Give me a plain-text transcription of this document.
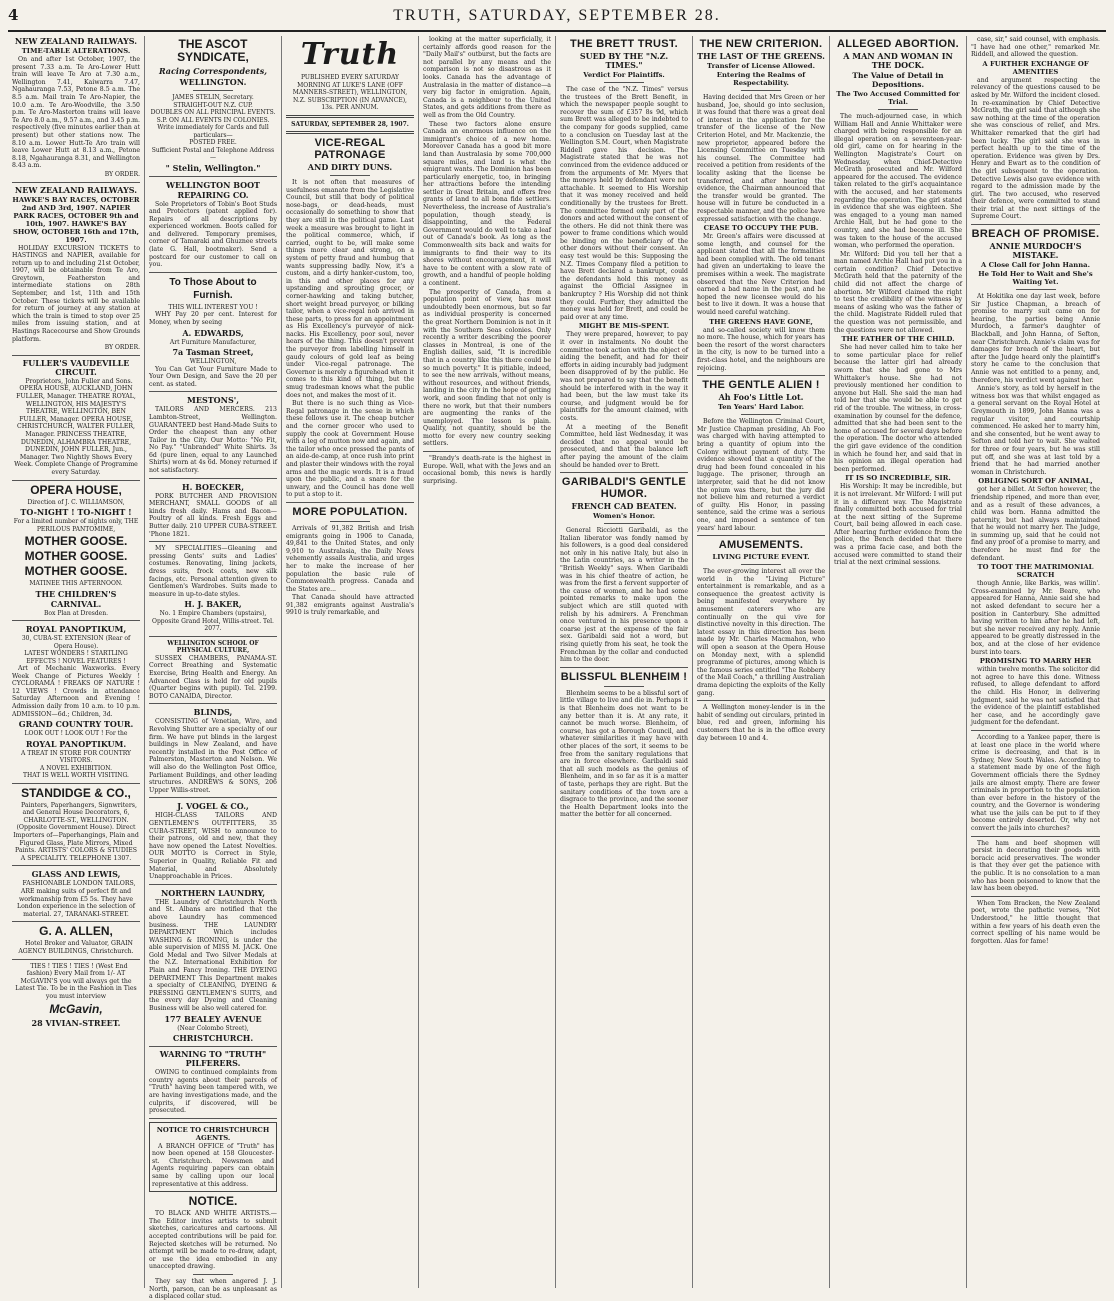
4	TRUTH, SATURDAY, SEPTEMBER 28.
NEW ZEALAND RAILWAYS.
TIME-TABLE ALTERATIONS.

On and after 1st October, 1907, the present 7.33 a.m. Te Aro-Lower Hutt train will leave Te Aro at 7.30 a.m., Wellington 7.41, Kaiwarra 7.47, Ngahauranga 7.53, Petone 8.5 a.m. The 8.5 a.m. Mail train Te Aro-Napier, the 10.0 a.m. Te Aro-Woodville, the 3.50 p.m. Te Aro-Masterton trains will leave Te Aro 8.0 a.m., 9.57 a.m., and 3.45 p.m. respectively (five minutes earlier than at present) but other stations now. The 8.10 a.m. Lower Hutt-Te Aro train will leave Lower Hutt at 8.13 a.m., Petone 8.18, Ngahauranga 8.31, and Wellington 8.43 a.m.

BY ORDER.
NEW ZEALAND RAILWAYS.
HAWKE'S BAY RACES, OCTOBER 2nd AND 3rd, 1907. NAPIER PARK RACES, OCTOBER 9th and 10th, 1907. HAWKE'S BAY SHOW, OCTOBER 16th and 17th, 1907.

HOLIDAY EXCURSION TICKETS to HASTINGS and NAPIER, available for return up to and including 21st October, 1907, will be obtainable from Te Aro, Greytown, Featherston and intermediate stations on 28th September, and 1st, 11th and 15th October. These tickets will be available for return of journey at any station at which the train is timed to stop over 25 miles from issuing station, and at Hastings Racecourse and Show Grounds platform.

BY ORDER.
FULLER'S VAUDEVILLE CIRCUIT.

Proprietors, John Fuller and Sons. OPERA HOUSE, AUCKLAND, JOHN FULLER, Manager. THEATRE ROYAL, WELLINGTON, HIS MAJESTY'S THEATRE, WELLINGTON, BEN FULLER, Manager. OPERA HOUSE, CHRISTCHURCH, WALTER FULLER, Manager. PRINCESS THEATRE, DUNEDIN, ALHAMBRA THEATRE, DUNEDIN, JOHN FULLER, Jun., Manager. Two Nightly Shows Every Week. Complete Change of Programme every Saturday.

OPERA HOUSE,
Direction of J. C. WILLIAMSON,
TO-NIGHT ! TO-NIGHT !
For a limited number of nights only, THE PERILOUS PANTOMIME,
MOTHER GOOSE.
MOTHER GOOSE.
MOTHER GOOSE.
MATINEE THIS AFTERNOON.
THE CHILDREN'S CARNIVAL.
Box Plan at Dresden.
ROYAL PANOPTIKUM,
30, CUBA-ST. EXTENSION (Rear of Opera House).
LATEST WONDERS ! STARTLING EFFECTS ! NOVEL FEATURES !

Art of Mechanic Waxworks. Every Week Change of Pictures Weekly ! CYCLORAMA ! FREAKS OF NATURE ! 12 VIEWS ! Crowds in attendance Saturday Afternoon and Evening ! Admission daily from 10 a.m. to 10 p.m. ADMISSION—6d.; Children, 3d.

GRAND COUNTRY TOUR.
LOOK OUT ! LOOK OUT ! For the
ROYAL PANOPTIKUM.
A TREAT IN STORE FOR COUNTRY VISITORS.
A NOVEL EXHIBITION.
THAT IS WELL WORTH VISITING.
STANDIDGE & CO.,

Painters, Paperhangers, Signwriters, and General House Decorators, 6, CHARLOTTE-ST., WELLINGTON. (Opposite Government House). Direct Importers of—Paperhangings, Plain and Figured Glass, Plate Mirrors, Mixed Paints. ARTISTS' COLORS & STUDIES A SPECIALITY. TELEPHONE 1307.

GLASS AND LEWIS,

FASHIONABLE LONDON TAILORS, ARE making suits of perfect fit and workmanship from £5 5s. They have London experience in the selection of material. 27, TARANAKI-STREET.

G. A. ALLEN,

Hotel Broker and Valuator, GRAIN AGENCY BUILDINGS, Christchurch.

TIES ! TIES ! TIES ! (West End fashion) Every Mail from 1/- AT McGAVIN'S you will always get the Latest Tie. To be in the Fashion in Ties you must interview

McGavin,
28 VIVIAN-STREET.
THE ASCOT SYNDICATE,
Racing Correspondents,
WELLINGTON.
JAMES STELIN, Secretary.
STRAIGHT-OUT N.Z. CUP.
DOUBLES ON ALL PRINCIPAL EVENTS.
S.P. ON ALL EVENTS IN COLONIES.
Write immediately for Cards and full particulars—
POSTED FREE.
Sufficient Postal and Telephone Address—
" Stelin, Wellington."
WELLINGTON BOOT REPAIRING CO.

Sole Proprietors of Tobin's Boot Studs and Protectors (patent applied for). Repairs of all descriptions by experienced workmen. Boots called for and delivered. Temporary premises, corner of Tamaraki and Ghuznee streets (late G. Hall, bootmaker). Send a postcard for our customer to call on you.

To Those About to Furnish.
THIS WILL INTEREST YOU !

WHY Pay 20 per cent. Interest for Money, when by seeing

A. EDWARDS,
Art Furniture Manufacturer,
7a Tasman Street,
WELLINGTON,

You Can Get Your Furniture Made to Your Own Design, and Save the 20 per cent. as stated.

MESTONS',

TAILORS AND MERCERS. 213 Lambton-Street, Wellington. GUARANTEED best Hand-Made Suits to Order the cheapest than any other Tailor in the City. Our Motto: "No Fit, No Pay." "Unbranded" White Shirts. 3s 6d (pure linen, equal to any Launched Shirts) worn at 4s 6d. Money returned if not satisfactory.

H. BOECKER,

PORK BUTCHER AND PROVISION MERCHANT, SMALL GOODS of all kinds fresh daily. Hams and Bacon—Poultry of all kinds. Fresh Eggs and Butter daily. 210 UPPER CUBA-STREET. 'Phone 1821.

MY SPECIALITIES—Gleaning and pressing Gents' suits and Ladies' costumes. Renovating, lining jackets, dress suits, frock coats, new silk facings, etc. Personal attention given to Gentlemen's Wardrobes. Suits made to measure in up-to-date styles.

H. J. BAKER,
No. 1 Empire Chambers (upstairs), Opposite Grand Hotel, Willis-street. Tel. 2077.
WELLINGTON SCHOOL OF PHYSICAL CULTURE,

SUSSEX CHAMBERS, PANAMA-ST. Correct Breathing and Systematic Exercise, Bring Health and Energy. An Advanced Class is held for old pupils (Quarter begins with pupil). Tel. 2199. BOTO CANAIDA, Director.

BLINDS,

CONSISTING of Venetian, Wire, and Revolving Shutter are a specialty of our firm. We have put blinds in the largest buildings in New Zealand, and have recently installed in the Post Office of Palmerston, Masterton and Nelson. We will also do the Wellington Post Office, Parliament Buildings, and other leading structures. ANDREWS & SONS, 206 Upper Willis-street.

J. VOGEL & CO.,

HIGH-CLASS TAILORS AND GENTLEMEN'S OUTFITTERS, 35 CUBA-STREET, WISH to announce to their patrons, old and new, that they have now opened the Latest Novelties. OUR MOTTO is Correct in Style, Superior in Quality, Reliable Fit and Material, and Absolutely Unapproachable in Prices.

NORTHERN LAUNDRY,

THE Laundry of Christchurch North and St. Albans are notified that the above Laundry has commenced business. THE LAUNDRY DEPARTMENT Which includes WASHING & IRONING, is under the able supervision of MISS M. JACK. One Gold Medal and Two Silver Medals at the N.Z. International Exhibition for Plain and Fancy Ironing. THE DYEING DEPARTMENT This Department makes a specialty of CLEANING, DYEING & PRESSING GENTLEMEN'S SUITS, and the every day Dyeing and Cleaning Business will be also well catered for.

177 BEALEY AVENUE
(Near Colombo Street),
CHRISTCHURCH.
WARNING TO "TRUTH" PILFERERS.

OWING to continued complaints from country agents about their parcels of "Truth" having been tampered with, we are having investigations made, and the culprits, if discovered, will be prosecuted.

NOTICE TO CHRISTCHURCH AGENTS.

A BRANCH OFFICE of "Truth" has now been opened at 158 Gloucester-st. Christchurch. Newsmen and Agents requiring papers can obtain same by calling upon our local representative at this address.

NOTICE.

TO BLACK AND WHITE ARTISTS.—The Editor invites artists to submit sketches, caricatures and cartoons. All accepted contributions will be paid for. Rejected sketches will be returned. No attempt will be made to re-draw, adapt, or use the idea embodied in any unaccepted drawing.

They say that when angered J. J. North, parson, can be as unpleasant as a displaced collar stud.

Truth
PUBLISHED EVERY SATURDAY MORNING AT LUKE'S LANE (OFF MANNERS-STREET), WELLINGTON, N.Z. SUBSCRIPTION (IN ADVANCE), 13s. PER ANNUM.
SATURDAY, SEPTEMBER 28, 1907.
VICE-REGAL PATRONAGE
AND DIRTY DUNS.

It is not often that measures of usefulness emanate from the Legislative Council, but still that body of political nose-bags, or dead-heads, must occasionally do something to show that they are still in the political game. Last week a measure was brought to light in the political commerce, which, if carried, ought to be, will make some things more clear and strong, on a system of petty fraud and humbug that wants suppressing badly. Now, it's a custom, and a dirty hanker-custom, too, in this and other places for any upstanding and sprouting grocer, or corner-hawking and taking butcher, short weight bread purveyor, or bilking tailor, when a vice-regal nob arrived in these parts, to press for an appointment as His Excellency's purveyor of nick-nacks. His Excellency, poor soul, never hears of the thing. This doesn't prevent the purveyor from labelling himself in gaudy colours of gold leaf as being under Vice-regal patronage. The Governor is merely a figurehead when it comes to this kind of thing, but the smug tradesman knows what the public does not, and makes the most of it.

But there is no such thing as Vice-Regal patronage in the sense in which these fellows use it. The cheap butcher and the corner grocer who used to supply the cook at Government House with a leg of mutton now and again, and the tailor who once pressed the pants of an aide-de-camp, at once rush into print and plaster their windows with the royal arms and the magic words. It is a fraud upon the public, and a snare for the unwary, and the Council has done well to put a stop to it.

MORE POPULATION.

Arrivals of 91,382 British and Irish emigrants going in 1906 to Canada, 49,841 to the United States, and only 9,910 to Australasia, the Daily News vehemently assails Australia, and urges her to make the increase of her population the basic rule of Commonwealth progress. Canada and the States are...

That Canada should have attracted 91,382 emigrants against Australia's 9910 is truly remarkable, and

looking at the matter superficially, it certainly affords good reason for the "Daily Mail's" outburst, but the facts are not parallel by any means and the comparison is not so disastrous as it looks. Canada has the advantage of Australasia in the matter of distance—a very big factor in emigration. Again, Canada is a neighbour to the United States, and gets additions from there as well as from the Old Country.

These two factors alone ensure Canada an enormous influence on the immigrant's choice of a new home. Moreover Canada has a good bit more land than Australasia by some 700,000 square miles, and land is what the emigrant wants. The Dominion has been particularly energetic, too, in bringing her attractions before the intending settler in Great Britain, and offers free grants of land to all bona fide settlers. Nevertheless, the increase of Australia's population, though steady, is disappointing, and the Federal Government would do well to take a leaf out of Canada's book. As long as the Commonwealth sits back and waits for immigrants to find their way to its shores without encouragement, it will have to be content with a slow rate of growth, and a handful of people holding a continent.

The prosperity of Canada, from a population point of view, has most undoubtedly been enormous, but so far as individual prosperity is concerned the great Northern Dominion is not in it with the Southern Seas colonies. Only recently a writer describing the poorer classes in Montreal, is one of the English dailies, said, "It is incredible that in a country like this there could be so much poverty." It is pitiable, indeed, to see the new arrivals, without means, without resources, and without friends, landing in the city in the hope of getting work, and soon finding that not only is there no work, but that their numbers are augmenting the ranks of the unemployed. The lesson is plain. Quality, not quantity, should be the motto for every new country seeking settlers.

"Brandy's death-rate is the highest in Europe. Well, what with the Jews and an occasional bomb, this news is hardly surprising.

THE BRETT TRUST.
SUED BY THE "N.Z. TIMES."
Verdict For Plaintiffs.

The case of the "N.Z. Times" versus the trustees of the Brett Benefit, in which the newspaper people sought to recover the sum of £357 8s 9d, which sum Brett was alleged to be indebted to the company for goods supplied, came to a conclusion on Tuesday last at the Wellington S.M. Court, when Magistrate Riddell gave his decision. The Magistrate stated that he was not convinced from the evidence adduced or from the arguments of Mr. Myers that the moneys held by defendant were not attachable. It seemed to His Worship that it was money received and held conditionally by the trustees for Brett. The committee formed only part of the donors and acted without the consent of the others. He did not think there was power to frame conditions which would be binding on the beneficiary of the other donors without their consent. An easy test would be this: Supposing the N.Z. Times Company filed a petition to have Brett declared a bankrupt, could the defendants hold this money as against the Official Assignee in bankruptcy ? His Worship did not think they could. Further, they admitted the money was held for Brett, and could be paid over at any time.

MIGHT BE MIS-SPENT.

They were prepared, however, to pay it over in instalments. No doubt the committee took action with the object of aiding the benefit, and had for their efforts in aiding incurably bad judgment been disapproved of by the public. He was not prepared to say that the benefit should be interfered with in the way it had been, but the law must take its course, and judgment would be for plaintiffs for the amount claimed, with costs.

At a meeting of the Benefit Committee, held last Wednesday, it was decided that no appeal would be prosecuted, and that the balance left after paying the amount of the claim should be handed over to Brett.

GARIBALDI'S GENTLE HUMOR.
FRENCH CAD BEATEN.
Women's Honor.

General Ricciotti Garibaldi, as the Italian liberator was fondly named by his followers, is a good deal considered not only in his native Italy, but also in the Latin countries, as a writer in the "British Weekly" says. When Garibaldi was in his chief theatre of action, he was from the first a fervent supporter of the cause of women, and he had some pointed remarks to make upon the subject which are still quoted with relish by his admirers. A Frenchman once ventured in his presence upon a coarse jest at the expense of the fair sex. Garibaldi said not a word, but rising quietly from his seat, he took the Frenchman by the collar and conducted him to the door.

BLISSFUL BLENHEIM !

Blenheim seems to be a blissful sort of little village to live and die in. Perhaps it is that Blenheim does not want to be any better than it is. At any rate, it cannot be much worse. Blenheim, of course, has got a Borough Council, and whatever similarities it may have with other places of the sort, it seems to be free from the sanitary regulations that are in force elsewhere. Garibaldi said that all such models as the genius of Blenheim, and in so far as it is a matter of taste, perhaps they are right. But the sanitary conditions of the town are a disgrace to the province, and the sooner the Health Department looks into the matter the better for all concerned.

THE NEW CRITERION.
THE LAST OF THE GREENS.
Transfer of License Allowed.
Entering the Realms of Respectability.

Having decided that Mrs Green or her husband, Joe, should go into seclusion, it was found that there was a great deal of interest in the application for the transfer of the license of the New Criterion Hotel, and Mr. Mackenzie, the new proprietor, appeared before the Licensing Committee on Tuesday with his counsel. The Committee had received a petition from residents of the locality asking that the license be transferred, and after hearing the evidence, the Chairman announced that the transfer would be granted. The house will in future be conducted in a respectable manner, and the police have expressed satisfaction with the change.

CEASE TO OCCUPY THE PUB.

Mr. Green's affairs were discussed at some length, and counsel for the applicant stated that all the formalities had been complied with. The old tenant had given an undertaking to leave the premises within a week. The magistrate observed that the New Criterion had earned a bad name in the past, and he hoped the new licensee would do his best to live it down. It was a house that would need careful watching.

THE GREENS HAVE GONE,

and so-called society will know them no more. The house, which for years has been the resort of the worst characters in the city, is now to be turned into a first-class hotel, and the neighbours are rejoicing.

THE GENTLE ALIEN !
Ah Foo's Little Lot.
Ten Years' Hard Labor.

Before the Wellington Criminal Court, Mr Justice Chapman presiding, Ah Foo was charged with having attempted to bring a quantity of opium into the Colony without payment of duty. The evidence showed that a quantity of the drug had been found concealed in his luggage. The prisoner, through an interpreter, said that he did not know the opium was there, but the jury did not believe him and returned a verdict of guilty. His Honor, in passing sentence, said the crime was a serious one, and imposed a sentence of ten years' hard labour.

AMUSEMENTS.
LIVING PICTURE EVENT.

The ever-growing interest all over the world in the "Living Picture" entertainment is remarkable, and as a consequence the greatest activity is being manifested everywhere by amusement caterers who are continually on the qui vive for distinctive novelty in this direction. The latest essay in this direction has been made by Mr. Charles Macmahon, who will open a season at the Opera House on Monday next, with a splendid programme of pictures, among which is the famous series entitled "The Robbery of the Mail Coach," a thrilling Australian drama depicting the exploits of the Kelly gang.

A Wellington money-lender is in the habit of sending out circulars, printed in blue, red and green, informing his customers that he is in the office every day between 10 and 4.

ALLEGED ABORTION.
A MAN AND WOMAN IN THE DOCK.
The Value of Detail in Depositions.
The Two Accused Committed for Trial.

The much-adjourned case, in which William Hall and Annie Whittaker were charged with being responsible for an illegal operation on a seventeen-year-old girl, came on for hearing in the Wellington Magistrate's Court on Wednesday, when Chief-Detective McGrath prosecuted and Mr. Wilford appeared for the accused. The evidence taken related to the girl's acquaintance with the accused, and her statements regarding the operation. The girl stated in evidence that she was eighteen. She was engaged to a young man named Archie Hall, but he had gone to the country, and she had become ill. She was taken to the house of the accused woman, who performed the operation.

Mr. Wilford: Did you tell her that a man named Archie Hall had put you in a certain condition? Chief Detective McGrath held that the paternity of the child did not affect the charge of abortion. Mr Wilford claimed the right to test the credibility of the witness by means of asking who was the father of the child. Magistrate Riddell ruled that the question was not permissible, and the questions were not allowed.

THE FATHER OF THE CHILD.

She had never called him to take her to some particular place for relief because the latter girl had already sworn that she had gone to Mrs Whittaker's house. She had not previously mentioned her condition to anyone but Hall. She said the man had told her that she would be able to get rid of the trouble. The witness, in cross-examination by counsel for the defence, admitted that she had been sent to the home of accused for several days before the operation. The doctor who attended the girl gave evidence of the condition in which he found her, and said that in his opinion an illegal operation had been performed.

IT IS SO INCREDIBLE, SIR.

His Worship: It may be incredible, but it is not irrelevant. Mr Wilford: I will put it in a different way. The Magistrate finally committed both accused for trial at the next sitting of the Supreme Court, bail being allowed in each case. After hearing further evidence from the police, the Bench decided that there was a prima facie case, and both the accused were committed to stand their trial at the next criminal sessions.

case, sir," said counsel, with emphasis. "I have had one other," remarked Mr. Riddell, and allowed the question.

A FURTHER EXCHANGE OF AMENITIES

and argument respecting the relevancy of the questions caused to be asked by Mr. Wilford the incident closed. In re-examination by Chief Detective McGrath, the girl said that although she saw nothing at the time of the operation she was conscious of relief, and Mrs. Whittaker remarked that the girl had been lucky. The girl said she was in perfect health up to the time of the operation. Evidence was given by Drs. Henry and Ewart as to the condition of the girl subsequent to the operation. Detective Lewis also gave evidence with regard to the admission made by the girl. The two accused, who reserved their defence, were committed to stand their trial at the next sittings of the Supreme Court.

BREACH OF PROMISE.
ANNIE MURDOCH'S MISTAKE.
A Close Call for John Hanna.
He Told Her to Wait and She's Waiting Yet.

At Hokitika one day last week, before Sir Justice Chapman, a breach of promise to marry suit came on for hearing, the parties being Annie Murdoch, a farmer's daughter of Blackball, and John Hanna, of Sefton, near Christchurch. Annie's claim was for damages for breach of the heart, but after the Judge heard only the plaintiff's story he came to the conclusion that Annie was not entitled to a penny, and, therefore, his verdict went against her.

Annie's story, as told by herself in the witness box was that whilst engaged as a general servant on the Royal Hotel at Greymouth in 1899, John Hanna was a regular visitor, and courtship commenced. He asked her to marry him, and she consented, but he went away to Sefton and told her to wait. She waited for three or four years, but he was still put off, and she was at last told by a friend that he had married another woman in Christchurch.

OBLIGING SORT OF ANIMAL,

got her a billet. At Sefton however, the friendship ripened, and more than ever, and as a result of these advances, a child was born. Hanna admitted the paternity, but had always maintained that he would not marry her. The Judge, in summing up, said that he could not find any proof of a promise to marry, and therefore he must find for the defendant.

TO TOOT THE MATRIMONIAL SCRATCH

though Annie, like Barkis, was willin'. Cross-examined by Mr. Beare, who appeared for Hanna, Annie said she had not asked defendant to secure her a position in Canterbury. She admitted having written to him after he had left, but she never received any reply. Annie appeared to be greatly distressed in the box, and at the close of her evidence burst into tears.

PROMISING TO MARRY HER

within twelve months. The solicitor did not agree to have this done. Witness refused, to allege defendant to afford the child. His Honor, in delivering judgment, said he was not satisfied that the evidence of the plaintiff established her case, and he accordingly gave judgment for the defendant.

According to a Yankee paper, there is at least one place in the world where crime is decreasing, and that is in Sydney, New South Wales. According to a statement made by one of the high Government officials there the Sydney jails are almost empty. There are fewer criminals in proportion to the population than ever before in the history of the country, and the Governor is wondering what use the jails can be put to if they become entirely deserted. Or, why not convert the jails into churches?

The ham and beef shopmen will persist in decorating their goods with boracic acid preservatives. The wonder is that they ever get the patience with the public. It is no consolation to a man who has been poisoned to know that the law has been obeyed.

When Tom Bracken, the New Zealand poet, wrote the pathetic verses, "Not Understood," he little thought that within a few years of his death even the correct spelling of his name would be forgotten. Alas for fame!
